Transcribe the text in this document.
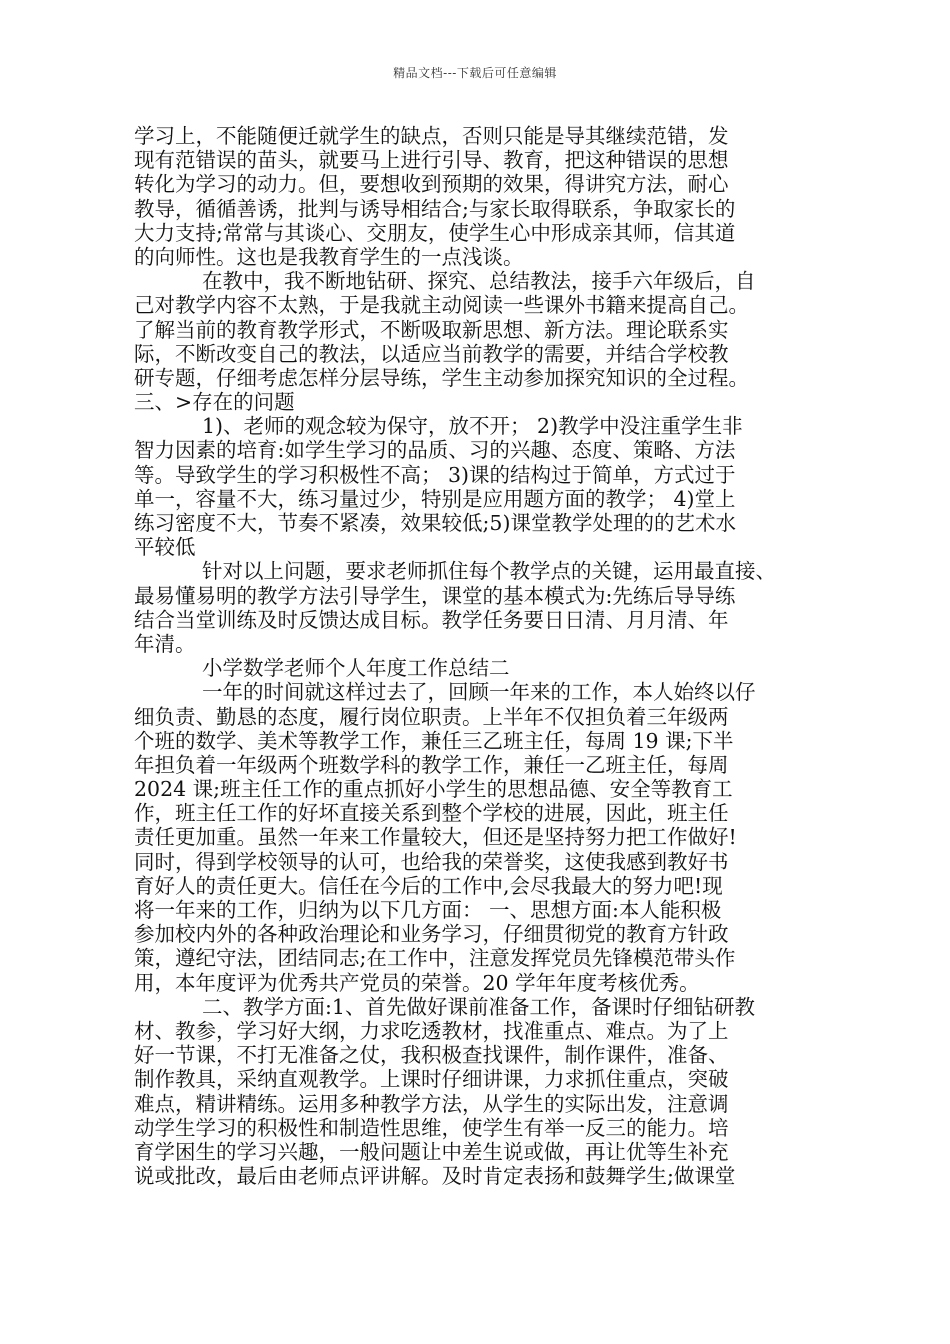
精品文档---下载后可任意编辑
学习上，不能随便迁就学生的缺点，否则只能是导其继续范错，发
现有范错误的苗头，就要马上进行引导、教育，把这种错误的思想
转化为学习的动力。但，要想收到预期的效果，得讲究方法，耐心
教导，循循善诱，批判与诱导相结合;与家长取得联系，争取家长的
大力支持;常常与其谈心、交朋友，使学生心中形成亲其师，信其道
的向师性。这也是我教育学生的一点浅谈。
在教中，我不断地钻研、探究、总结教法，接手六年级后，自
己对教学内容不太熟，于是我就主动阅读一些课外书籍来提高自己。
了解当前的教育教学形式，不断吸取新思想、新方法。理论联系实
际，不断改变自己的教法，以适应当前教学的需要，并结合学校教
研专题，仔细考虑怎样分层导练，学生主动参加探究知识的全过程。
三、>存在的问题
1)、老师的观念较为保守，放不开； 2)教学中没注重学生非
智力因素的培育:如学生学习的品质、习的兴趣、态度、策略、方法
等。导致学生的学习积极性不高； 3)课的结构过于简单，方式过于
单一，容量不大，练习量过少，特别是应用题方面的教学； 4)堂上
练习密度不大，节奏不紧凑，效果较低;5)课堂教学处理的的艺术水
平较低
针对以上问题，要求老师抓住每个教学点的关键，运用最直接、
最易懂易明的教学方法引导学生，课堂的基本模式为:先练后导导练
结合当堂训练及时反馈达成目标。教学任务要日日清、月月清、年
年清。
小学数学老师个人年度工作总结二
一年的时间就这样过去了，回顾一年来的工作，本人始终以仔
细负责、勤恳的态度，履行岗位职责。上半年不仅担负着三年级两
个班的数学、美术等教学工作，兼任三乙班主任，每周 19 课;下半
年担负着一年级两个班数学科的教学工作，兼任一乙班主任，每周
2024 课;班主任工作的重点抓好小学生的思想品德、安全等教育工
作，班主任工作的好坏直接关系到整个学校的进展，因此，班主任
责任更加重。虽然一年来工作量较大，但还是坚持努力把工作做好!
同时，得到学校领导的认可，也给我的荣誉奖，这使我感到教好书
育好人的责任更大。信任在今后的工作中,会尽我最大的努力吧!现
将一年来的工作，归纳为以下几方面： 一、思想方面:本人能积极
参加校内外的各种政治理论和业务学习，仔细贯彻党的教育方针政
策，遵纪守法，团结同志;在工作中，注意发挥党员先锋模范带头作
用，本年度评为优秀共产党员的荣誉。20 学年年度考核优秀。
二、教学方面:1、首先做好课前准备工作，备课时仔细钻研教
材、教参，学习好大纲，力求吃透教材，找准重点、难点。为了上
好一节课，不打无准备之仗，我积极查找课件，制作课件，准备、
制作教具，采纳直观教学。上课时仔细讲课，力求抓住重点，突破
难点，精讲精练。运用多种教学方法，从学生的实际出发，注意调
动学生学习的积极性和制造性思维，使学生有举一反三的能力。培
育学困生的学习兴趣，一般问题让中差生说或做，再让优等生补充
说或批改，最后由老师点评讲解。及时肯定表扬和鼓舞学生;做课堂
